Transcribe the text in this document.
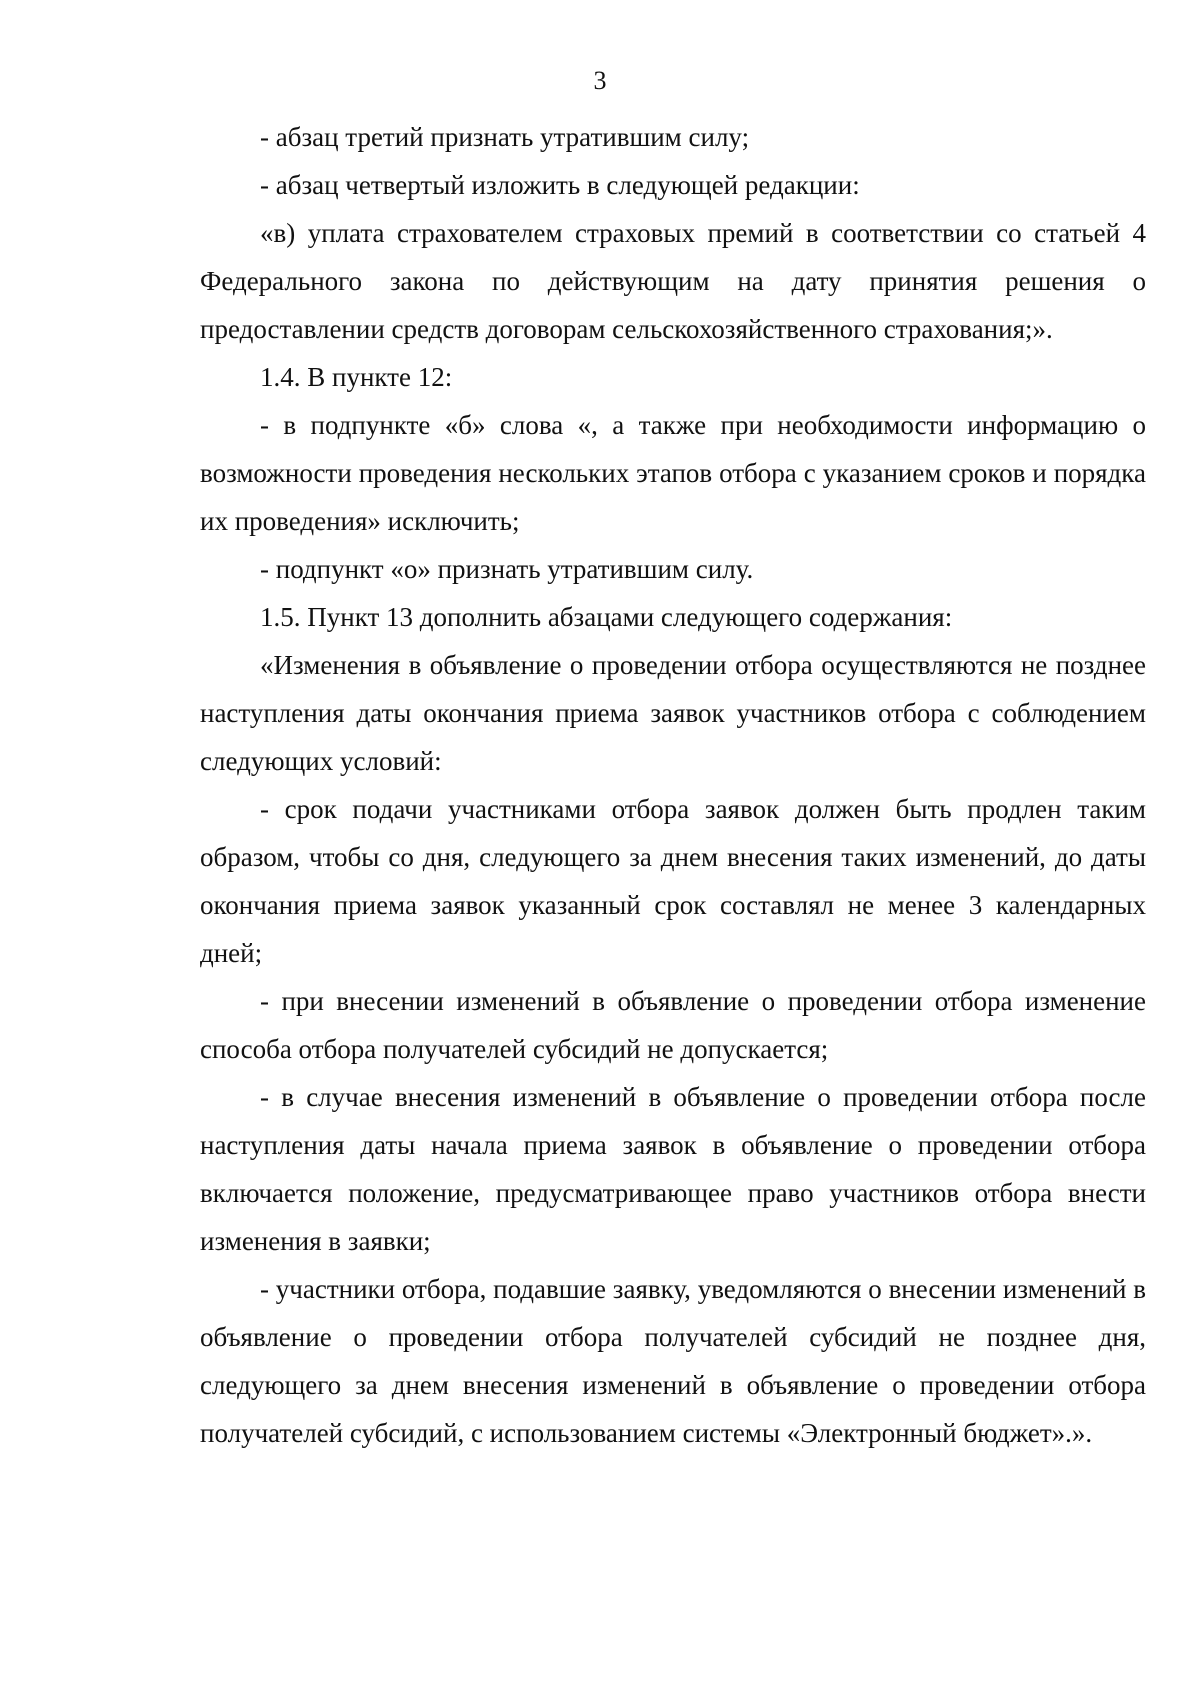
3

- абзац третий признать утратившим силу;

- абзац четвертый изложить в следующей редакции:

«в) уплата страхователем страховых премий в соответствии со статьей 4 Федерального закона по действующим на дату принятия решения о предоставлении средств договорам сельскохозяйственного страхования;».

1.4. В пункте 12:

- в подпункте «б» слова «, а также при необходимости информацию о возможности проведения нескольких этапов отбора с указанием сроков и порядка их проведения» исключить;

- подпункт «о» признать утратившим силу.

1.5. Пункт 13 дополнить абзацами следующего содержания:

«Изменения в объявление о проведении отбора осуществляются не позднее наступления даты окончания приема заявок участников отбора с соблюдением следующих условий:

- срок подачи участниками отбора заявок должен быть продлен таким образом, чтобы со дня, следующего за днем внесения таких изменений, до даты окончания приема заявок указанный срок составлял не менее 3 календарных дней;

- при внесении изменений в объявление о проведении отбора изменение способа отбора получателей субсидий не допускается;

- в случае внесения изменений в объявление о проведении отбора после наступления даты начала приема заявок в объявление о проведении отбора включается положение, предусматривающее право участников отбора внести изменения в заявки;

- участники отбора, подавшие заявку, уведомляются о внесении изменений в объявление о проведении отбора получателей субсидий не позднее дня, следующего за днем внесения изменений в объявление о проведении отбора получателей субсидий, с использованием системы «Электронный бюджет».».
